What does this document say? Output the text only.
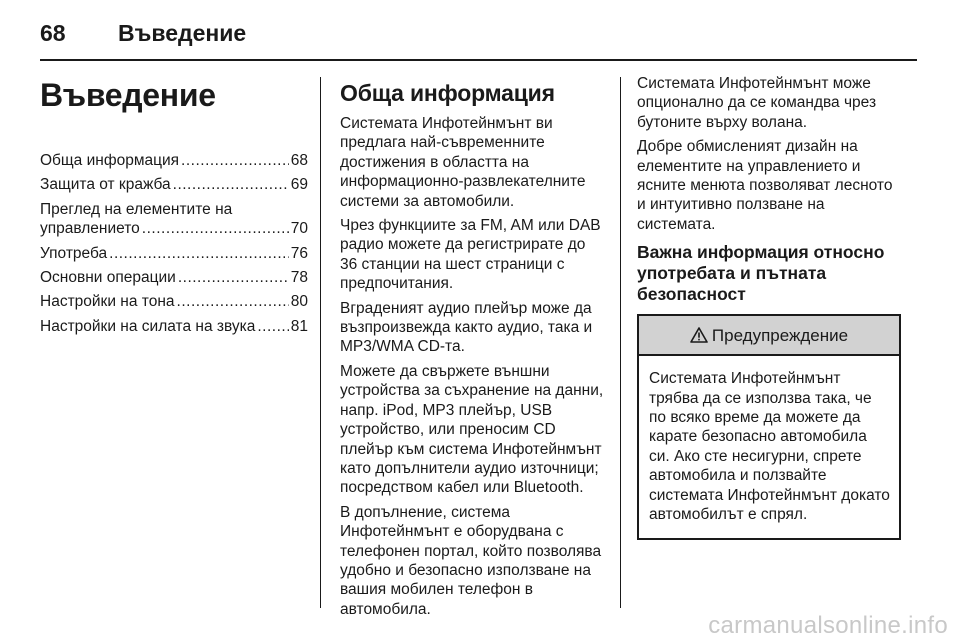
68 Въведение
Въведение
Обща информация .....	68
Защита от кражба .....	69
Преглед на елементите на
управлението .....	70
Употреба .....	76
Основни операции .....	78
Настройки на тона .....	80
Настройки на силата на звука ..... 81
Обща информация

Системата Инфотейнмънт ви предлага най-съвременните достижения в областта на информационно-развлекателните системи за автомобили.

Чрез функциите за FM, AM или DAB радио можете да регистрирате до 36 станции на шест страници с предпочитания.

Вграденият аудио плейър може да възпроизвежда както аудио, така и MP3/WMA CD-та.

Можете да свържете външни устройства за съхранение на данни, напр. iPod, MP3 плейър, USB устройство, или преносим CD плейър към система Инфотейнмънт като допълнители аудио източници; посредством кабел или Bluetooth.

В допълнение, система Инфотейнмънт е оборудвана с телефонен портал, който позволява удобно и безопасно използване на вашия мобилен телефон в автомобила.

Системата Инфотейнмънт може опционално да се командва чрез бутоните върху волана.

Добре обмисленият дизайн на елементите на управлението и ясните менюта позволяват лесното и интуитивно ползване на системата.

Важна информация относно употребата и пътната безопасност
Предупреждение
Системата Инфотейнмънт трябва да се използва така, че по всяко време да можете да карате безопасно автомобила си. Ако сте несигурни, спрете автомобила и ползвайте системата Инфотейнмънт докато автомобилът е спрял.
carmanualsonline.info
